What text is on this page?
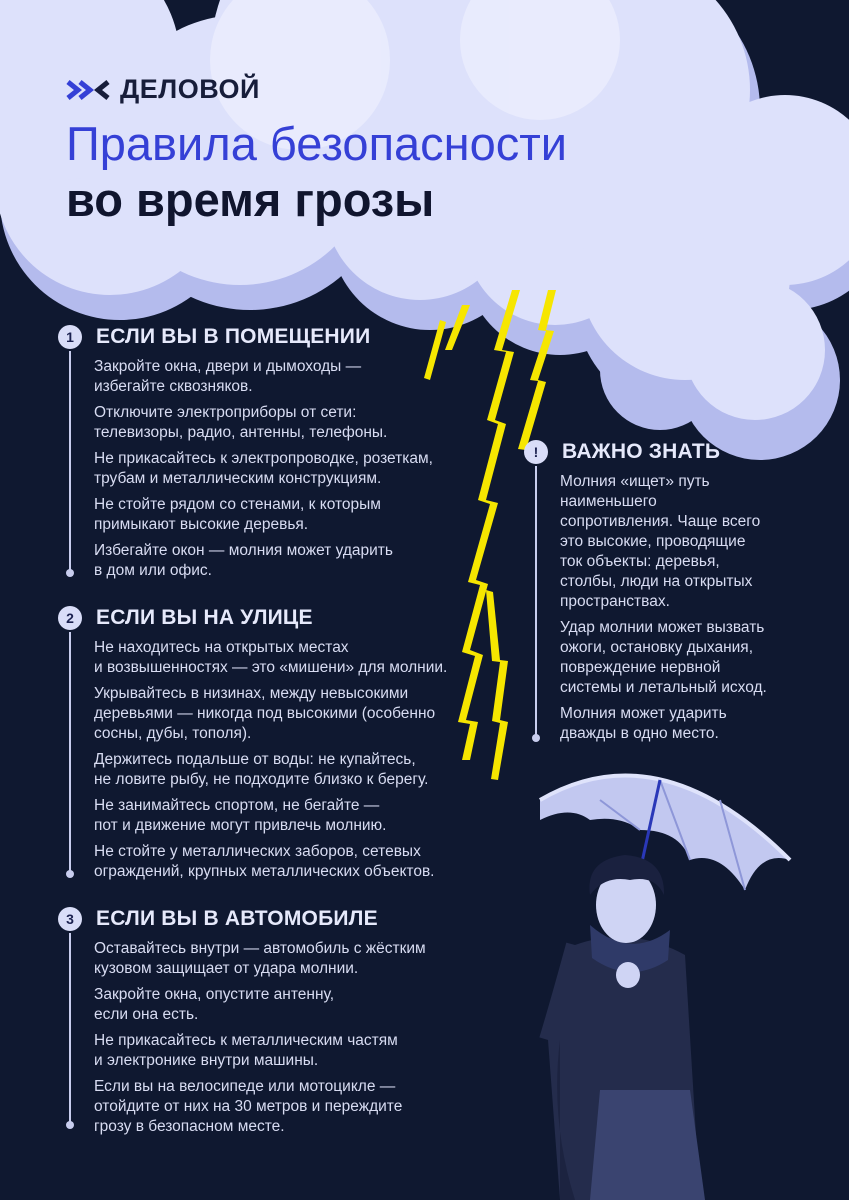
ДЕЛОВОЙ
Правила безопасности
во время грозы
1	ЕСЛИ ВЫ В ПОМЕЩЕНИИ
Закройте окна, двери и дымоходы —
избегайте сквозняков.
Отключите электроприборы от сети:
телевизоры, радио, антенны, телефоны.
Не прикасайтесь к электропроводке, розеткам,
трубам и металлическим конструкциям.
Не стойте рядом со стенами, к которым
примыкают высокие деревья.
Избегайте окон — молния может ударить
в дом или офис.
2	ЕСЛИ ВЫ НА УЛИЦЕ
Не находитесь на открытых местах
и возвышенностях — это «мишени» для молнии.
Укрывайтесь в низинах, между невысокими
деревьями — никогда под высокими (особенно
сосны, дубы, тополя).
Держитесь подальше от воды: не купайтесь,
не ловите рыбу, не подходите близко к берегу.
Не занимайтесь спортом, не бегайте —
пот и движение могут привлечь молнию.
Не стойте у металлических заборов, сетевых
ограждений, крупных металлических объектов.
3	ЕСЛИ ВЫ В АВТОМОБИЛЕ
Оставайтесь внутри — автомобиль с жёстким
кузовом защищает от удара молнии.
Закройте окна, опустите антенну,
если она есть.
Не прикасайтесь к металлическим частям
и электронике внутри машины.
Если вы на велосипеде или мотоцикле —
отойдите от них на 30 метров и переждите
грозу в безопасном месте.
!	ВАЖНО ЗНАТЬ
Молния «ищет» путь
наименьшего
сопротивления. Чаще всего
это высокие, проводящие
ток объекты: деревья,
столбы, люди на открытых
пространствах.
Удар молнии может вызвать
ожоги, остановку дыхания,
повреждение нервной
системы и летальный исход.
Молния может ударить
дважды в одно место.
